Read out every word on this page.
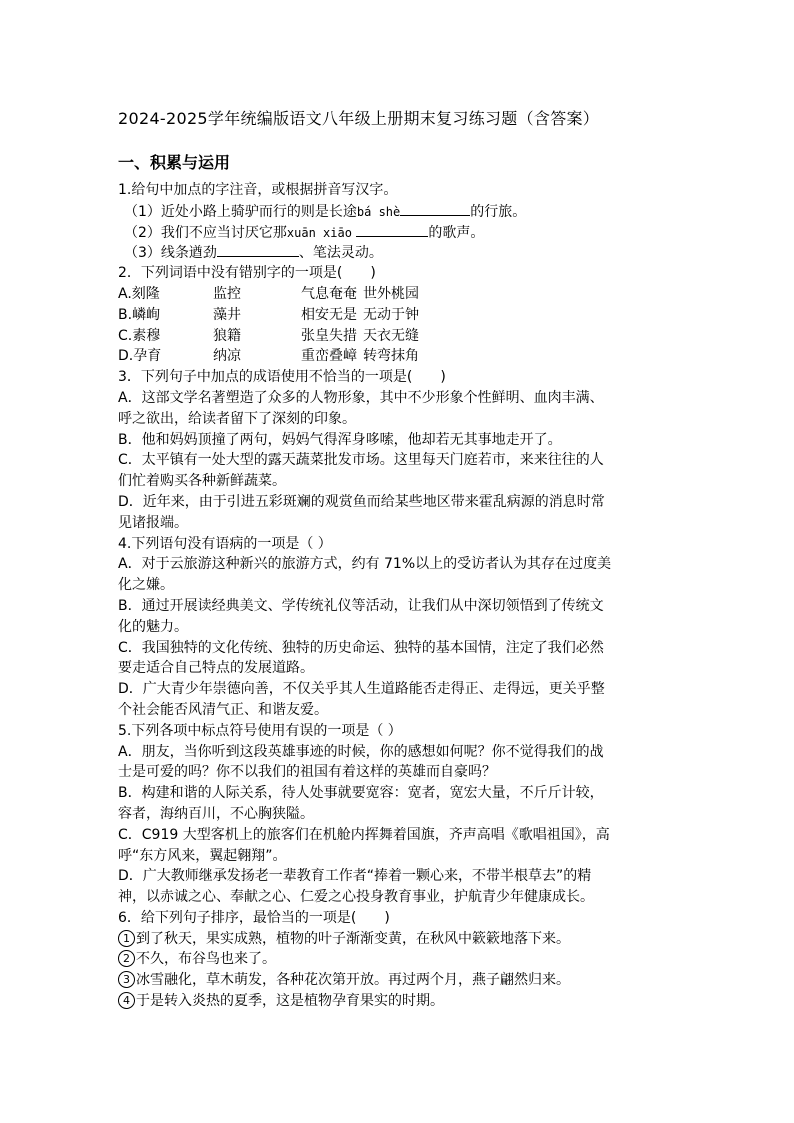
2024-2025学年统编版语文八年级上册期末复习练习题（含答案）
一、积累与运用
1.给句中加点的字注音，或根据拼音写汉字。
（1）近处小路上骑驴而行的则是长途bá shè	的行旅。
（2）我们不应当讨厌它那xuān xiāo	的歌声。
（3）线条遒劲	、笔法灵动。
2．下列词语中没有错别字的一项是(　　)
A.刻隆	监控	气息奄奄 世外桃园
B.嶙峋	藻井	相安无是 无动于钟
C.素穆	狼籍	张皇失措 天衣无缝
D.孕育	纳凉	重峦叠嶂 转弯抹角
3．下列句子中加点的成语使用不恰当的一项是(　　)
A．这部文学名著塑造了众多的人物形象，其中不少形象个性鲜明、血肉丰满、
呼之欲出，给读者留下了深刻的印象。
B．他和妈妈顶撞了两句，妈妈气得浑身哆嗦，他却若无其事地走开了。
C．太平镇有一处大型的露天蔬菜批发市场。这里每天门庭若市，来来往往的人
们忙着购买各种新鲜蔬菜。
D．近年来，由于引进五彩斑斓的观赏鱼而给某些地区带来霍乱病源的消息时常
见诸报端。
4.下列语句没有语病的一项是（ ）
A．对于云旅游这种新兴的旅游方式，约有 71%以上的受访者认为其存在过度美
化之嫌。
B．通过开展读经典美文、学传统礼仪等活动，让我们从中深切领悟到了传统文
化的魅力。
C．我国独特的文化传统、独特的历史命运、独特的基本国情，注定了我们必然
要走适合自己特点的发展道路。
D．广大青少年崇德向善，不仅关乎其人生道路能否走得正、走得远，更关乎整
个社会能否风清气正、和谐友爱。
5.下列各项中标点符号使用有误的一项是（ ）
A．朋友，当你听到这段英雄事迹的时候，你的感想如何呢？你不觉得我们的战
士是可爱的吗？你不以我们的祖国有着这样的英雄而自豪吗？
B．构建和谐的人际关系，待人处事就要宽容：宽者，宽宏大量，不斤斤计较，
容者，海纳百川，不心胸狭隘。
C．C919 大型客机上的旅客们在机舱内挥舞着国旗，齐声高唱《歌唱祖国》，高
呼“东方风来，翼起翱翔”。
D．广大教师继承发扬老一辈教育工作者“捧着一颗心来，不带半根草去”的精
神，以赤诚之心、奉献之心、仁爱之心投身教育事业，护航青少年健康成长。
6．给下列句子排序，最恰当的一项是(　　)
1 到了秋天，果实成熟，植物的叶子渐渐变黄，在秋风中簌簌地落下来。
2 不久，布谷鸟也来了。
3 冰雪融化，草木萌发，各种花次第开放。再过两个月，燕子翩然归来。
4 于是转入炎热的夏季，这是植物孕育果实的时期。
